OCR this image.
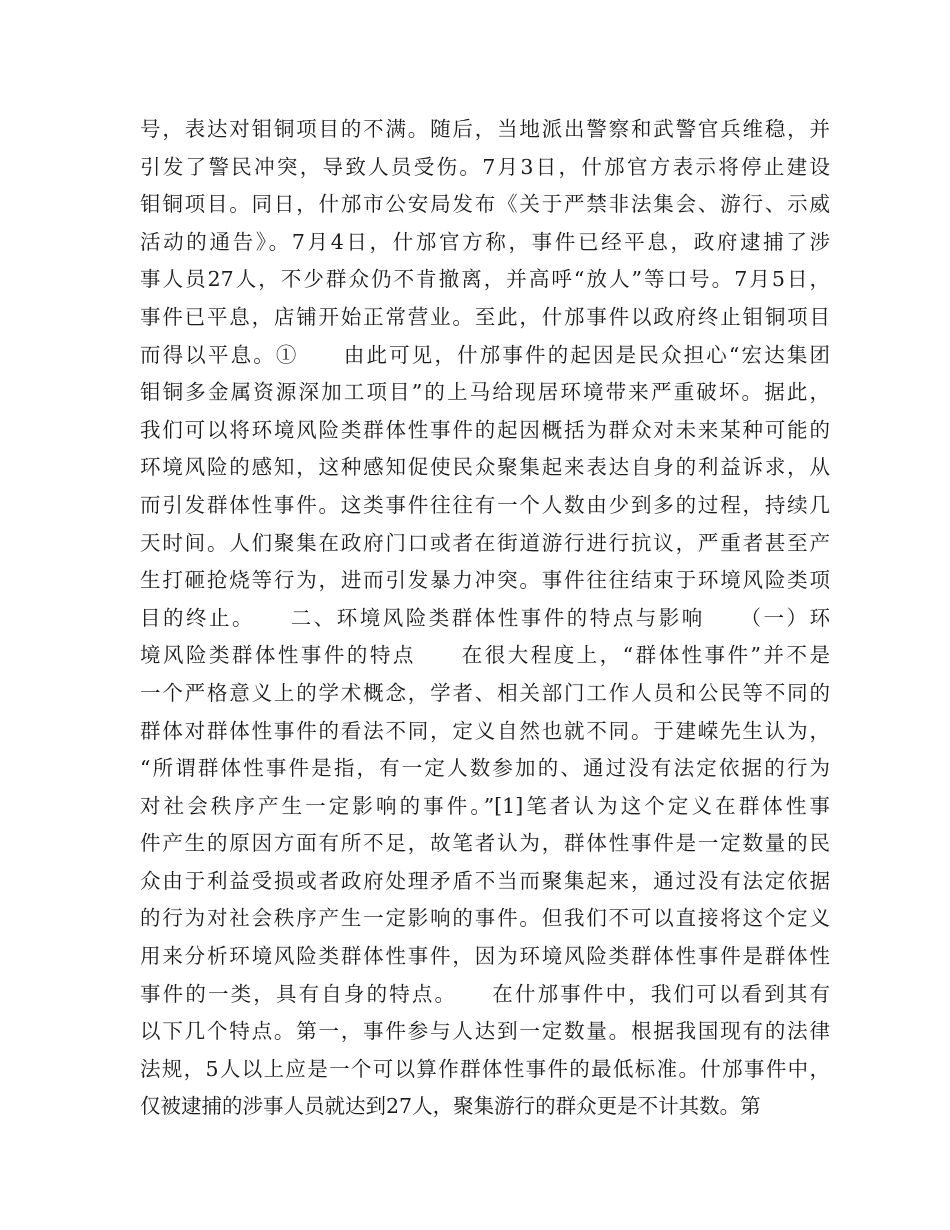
号，表达对钼铜项目的不满。随后，当地派出警察和武警官兵维稳，并
引发了警民冲突，导致人员受伤。7月3日，什邡官方表示将停止建设
钼铜项目。同日，什邡市公安局发布《关于严禁非法集会、游行、示威
活动的通告》。7月4日，什邡官方称，事件已经平息，政府逮捕了涉
事人员27人，不少群众仍不肯撤离，并高呼“放人”等口号。7月5日，
事件已平息，店铺开始正常营业。至此，什邡事件以政府终止钼铜项目
而得以平息。①　　由此可见，什邡事件的起因是民众担心“宏达集团
钼铜多金属资源深加工项目”的上马给现居环境带来严重破坏。据此，
我们可以将环境风险类群体性事件的起因概括为群众对未来某种可能的
环境风险的感知，这种感知促使民众聚集起来表达自身的利益诉求，从
而引发群体性事件。这类事件往往有一个人数由少到多的过程，持续几
天时间。人们聚集在政府门口或者在街道游行进行抗议，严重者甚至产
生打砸抢烧等行为，进而引发暴力冲突。事件往往结束于环境风险类项
目的终止。　　二、环境风险类群体性事件的特点与影响　　（一）环
境风险类群体性事件的特点　　在很大程度上，“群体性事件”并不是
一个严格意义上的学术概念，学者、相关部门工作人员和公民等不同的
群体对群体性事件的看法不同，定义自然也就不同。于建嵘先生认为，
“所谓群体性事件是指，有一定人数参加的、通过没有法定依据的行为
对社会秩序产生一定影响的事件。”[1]笔者认为这个定义在群体性事
件产生的原因方面有所不足，故笔者认为，群体性事件是一定数量的民
众由于利益受损或者政府处理矛盾不当而聚集起来，通过没有法定依据
的行为对社会秩序产生一定影响的事件。但我们不可以直接将这个定义
用来分析环境风险类群体性事件，因为环境风险类群体性事件是群体性
事件的一类，具有自身的特点。　　在什邡事件中，我们可以看到其有
以下几个特点。第一，事件参与人达到一定数量。根据我国现有的法律
法规，5人以上应是一个可以算作群体性事件的最低标准。什邡事件中，
仅被逮捕的涉事人员就达到27人，聚集游行的群众更是不计其数。第
